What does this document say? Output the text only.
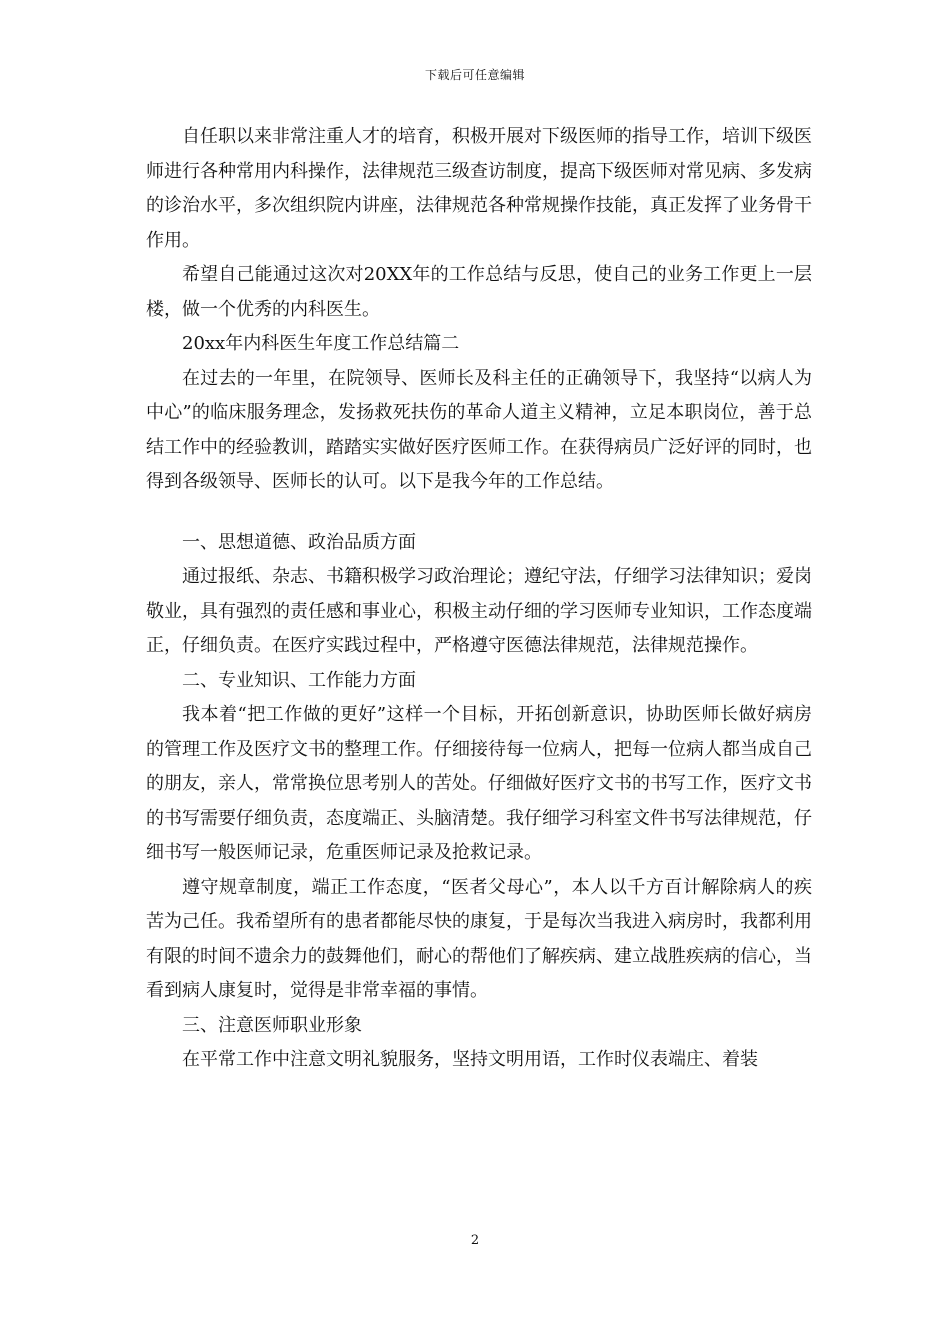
下载后可任意编辑

自任职以来非常注重人才的培育，积极开展对下级医师的指导工作，培训下级医师进行各种常用内科操作，法律规范三级查访制度，提高下级医师对常见病、多发病的诊治水平，多次组织院内讲座，法律规范各种常规操作技能，真正发挥了业务骨干作用。

希望自己能通过这次对20XX年的工作总结与反思，使自己的业务工作更上一层楼，做一个优秀的内科医生。

20xx年内科医生年度工作总结篇二

在过去的一年里，在院领导、医师长及科主任的正确领导下，我坚持“以病人为中心”的临床服务理念，发扬救死扶伤的革命人道主义精神，立足本职岗位，善于总结工作中的经验教训，踏踏实实做好医疗医师工作。在获得病员广泛好评的同时，也得到各级领导、医师长的认可。以下是我今年的工作总结。

一、思想道德、政治品质方面

通过报纸、杂志、书籍积极学习政治理论；遵纪守法，仔细学习法律知识；爱岗敬业，具有强烈的责任感和事业心，积极主动仔细的学习医师专业知识，工作态度端正，仔细负责。在医疗实践过程中，严格遵守医德法律规范，法律规范操作。

二、专业知识、工作能力方面

我本着“把工作做的更好”这样一个目标，开拓创新意识，协助医师长做好病房的管理工作及医疗文书的整理工作。仔细接待每一位病人，把每一位病人都当成自己的朋友，亲人，常常换位思考别人的苦处。仔细做好医疗文书的书写工作，医疗文书的书写需要仔细负责，态度端正、头脑清楚。我仔细学习科室文件书写法律规范，仔细书写一般医师记录，危重医师记录及抢救记录。

遵守规章制度，端正工作态度，“医者父母心”，本人以千方百计解除病人的疾苦为己任。我希望所有的患者都能尽快的康复，于是每次当我进入病房时，我都利用有限的时间不遗余力的鼓舞他们，耐心的帮他们了解疾病、建立战胜疾病的信心，当看到病人康复时，觉得是非常幸福的事情。

三、注意医师职业形象

在平常工作中注意文明礼貌服务，坚持文明用语，工作时仪表端庄、着装

2
